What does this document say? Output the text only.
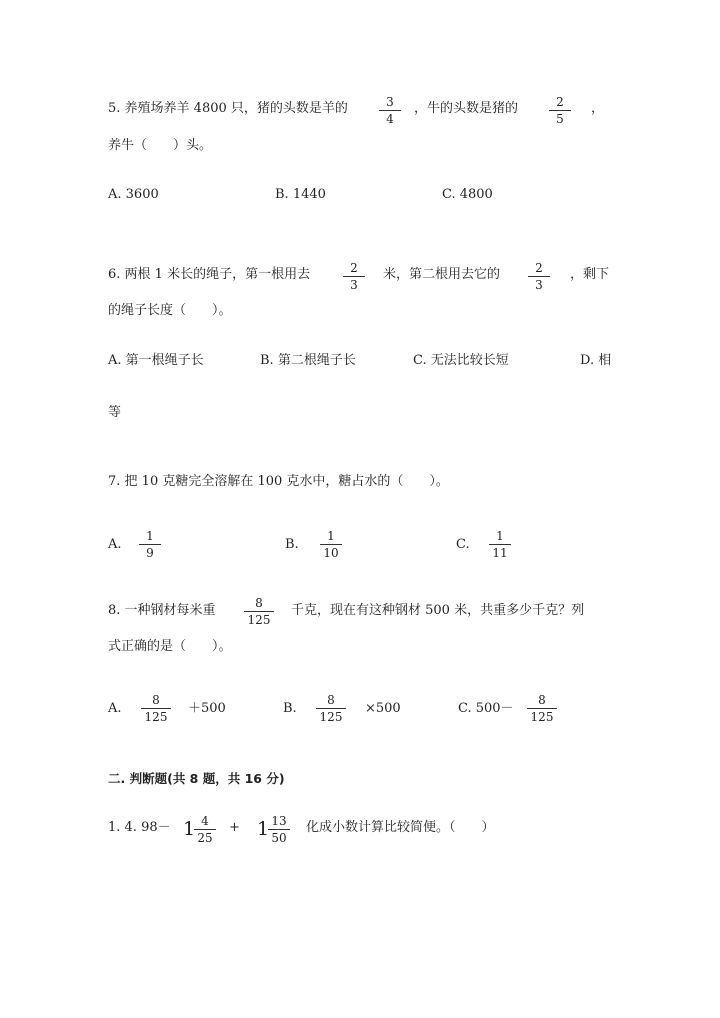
5. 养殖场养羊 4800 只，猪的头数是羊的	3
4
，牛的头数是猪的	2
5
，
养牛（　　）头。
A. 3600	B. 1440	C. 4800
6. 两根 1 米长的绳子，第一根用去	2
3
米，第二根用去它的	2
3
，剩下
的绳子长度（　　）。
A. 第一根绳子长	B. 第二根绳子长	C. 无法比较长短	D. 相
等
7. 把 10 克糖完全溶解在 100 克水中，糖占水的（　　）。
A.
1
9
B.
1
10
C.
1
11
8. 一种钢材每米重	8
125
千克，现在有这种钢材 500 米，共重多少千克？列
式正确的是（　　）。
A.
8
125
＋500	B.
8
125
×500	C. 500－
8
125
二. 判断题(共 8 题，共 16 分)
1. 4. 98－ 1 4
25
+ 1 13
50
化成小数计算比较简便。（　　）
